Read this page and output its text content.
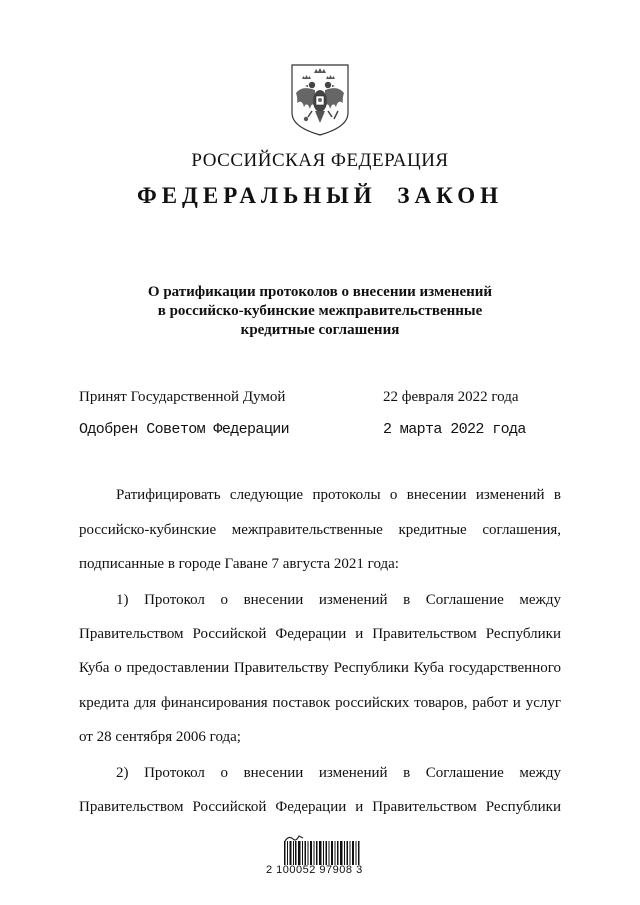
РОССИЙСКАЯ ФЕДЕРАЦИЯ
ФЕДЕРАЛЬНЫЙ ЗАКОН
О ратификации протоколов о внесении изменений
в российско-кубинские межправительственные
кредитные соглашения
Принят Государственной Думой	22 февраля 2022 года
Одобрен Советом Федерации	2 марта 2022 года
Ратифицировать следующие протоколы о внесении изменений в
российско-кубинские межправительственные кредитные соглашения,
подписанные в городе Гаване 7 августа 2021 года:
1) Протокол о внесении изменений в Соглашение между
Правительством Российской Федерации и Правительством Республики
Куба о предоставлении Правительству Республики Куба государственного
кредита для финансирования поставок российских товаров, работ и услуг
от 28 сентября 2006 года;
2) Протокол о внесении изменений в Соглашение между
Правительством Российской Федерации и Правительством Республики
2 100052 97908 3
